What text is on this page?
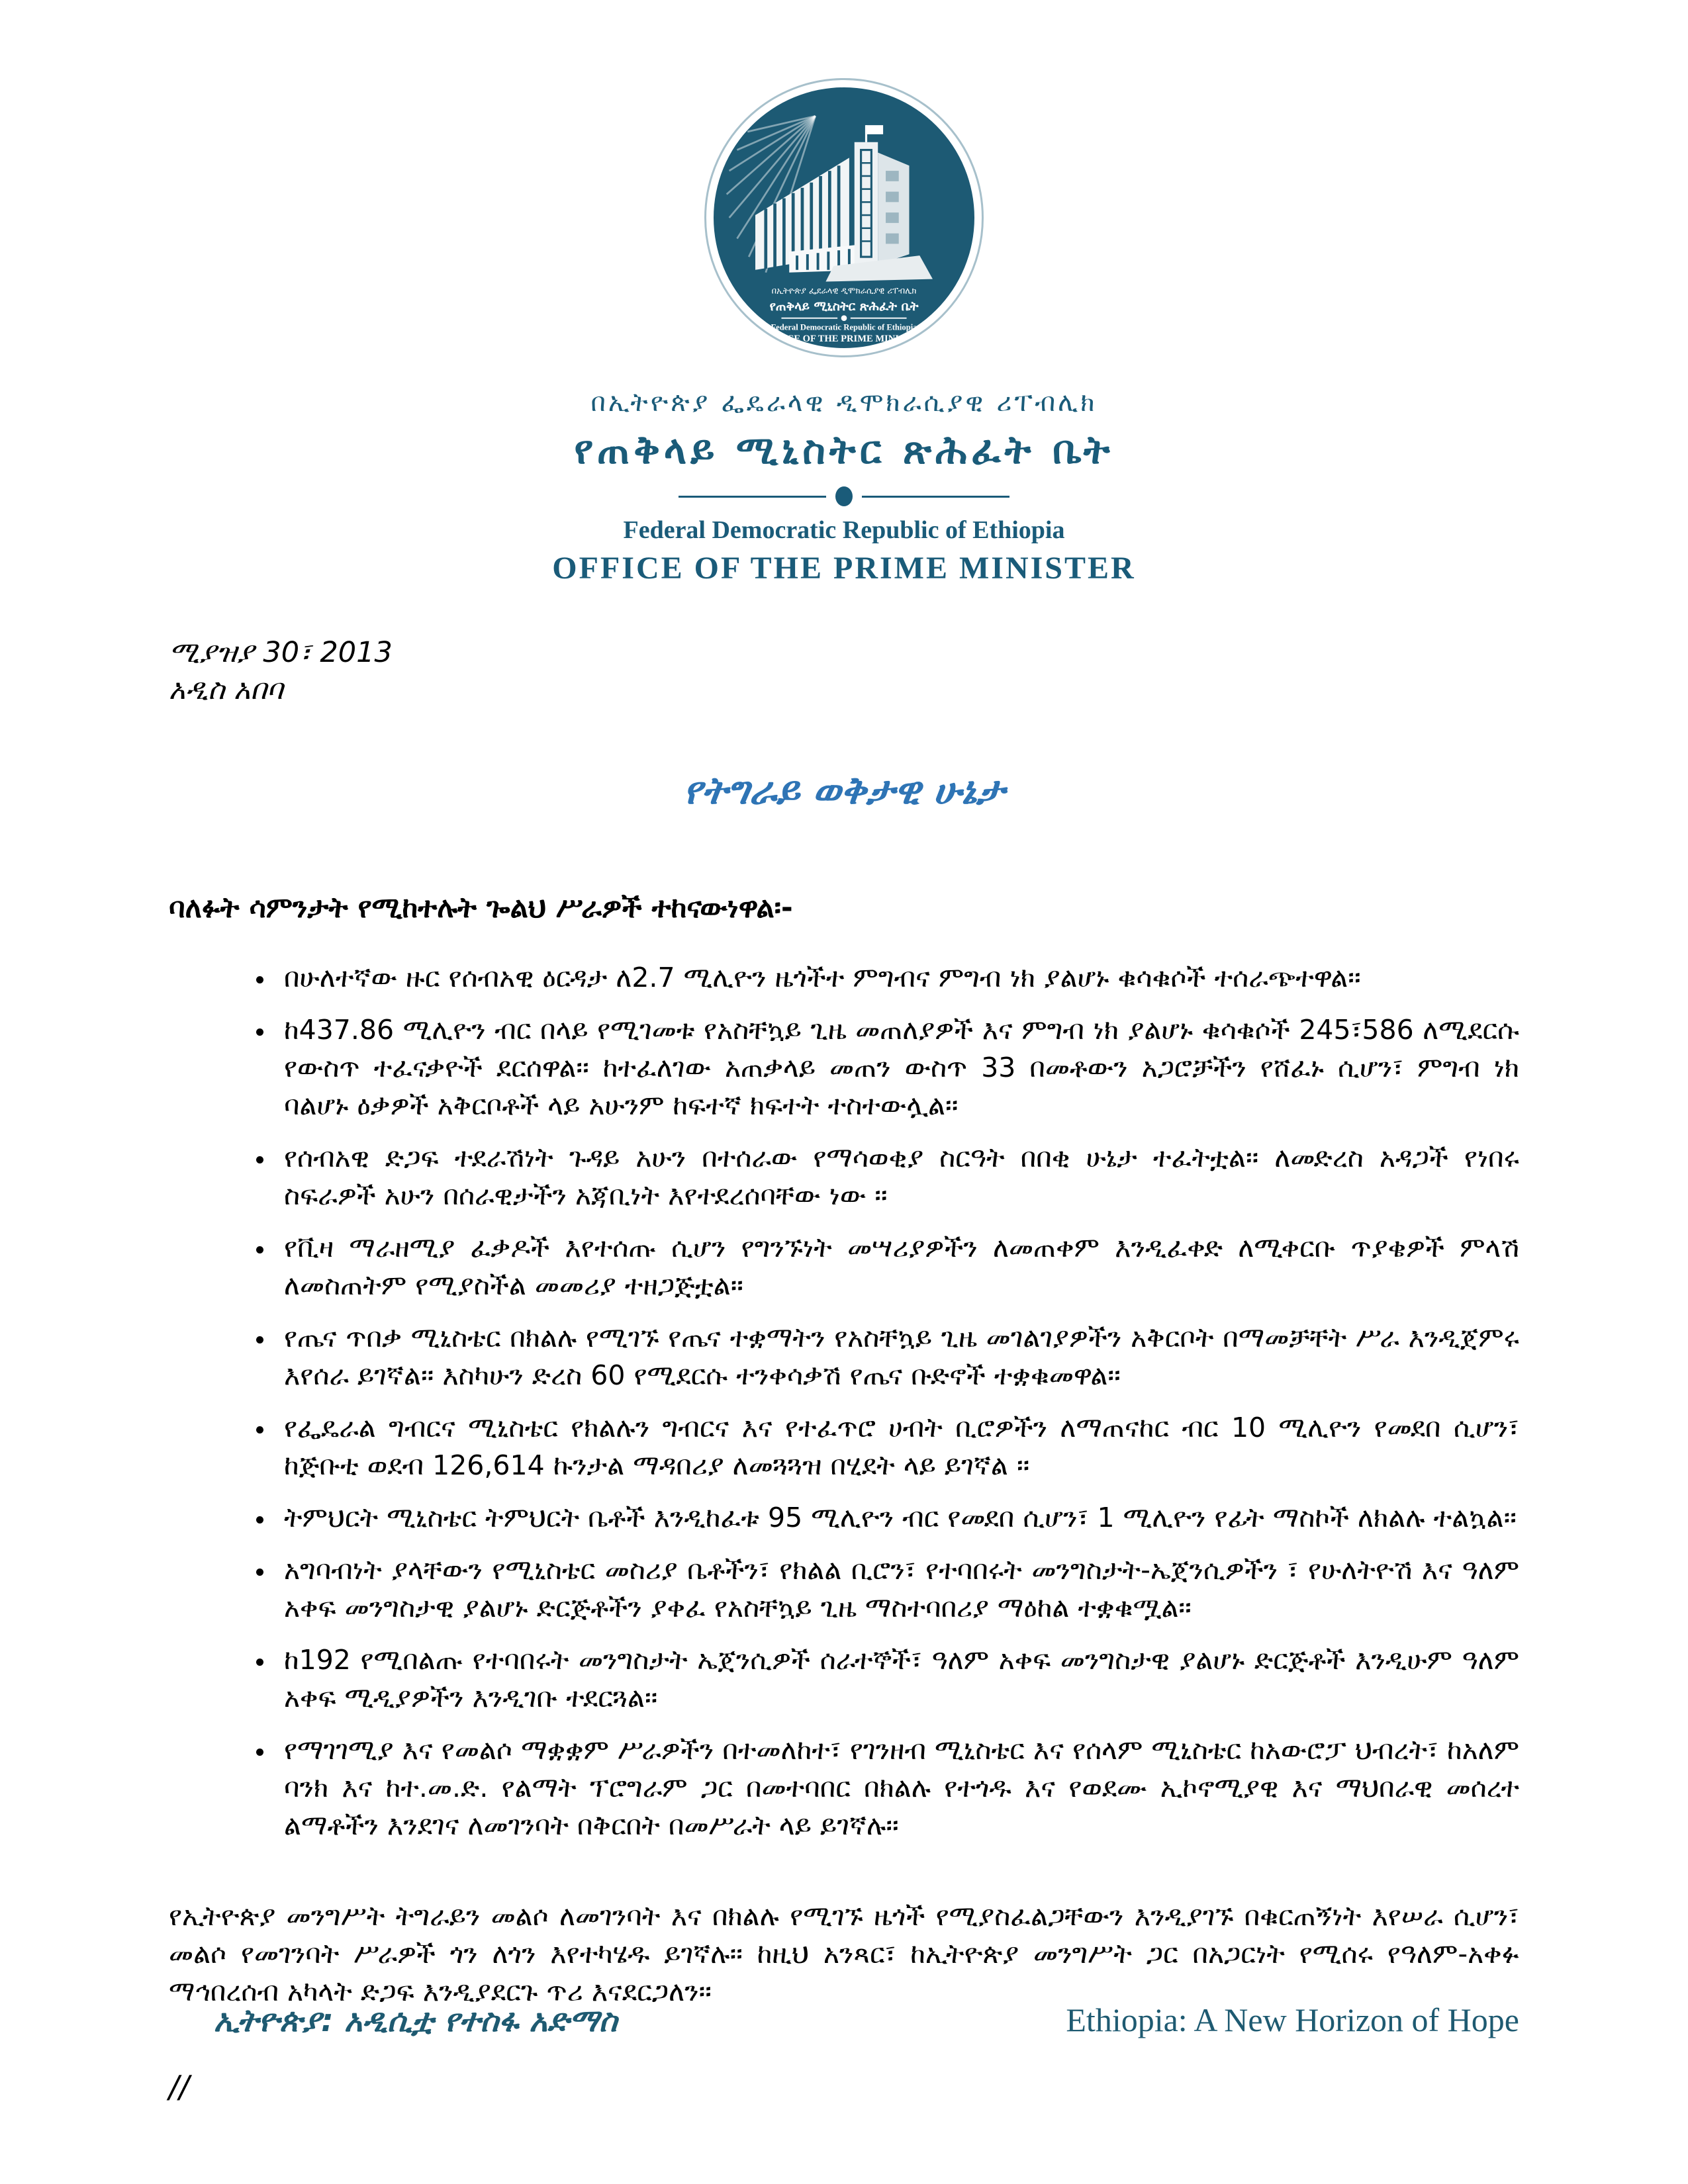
በኢትዮጵያ ፌደራላዊ ዲሞክራሲያዊ ሪፐብሊክ
የጠቅላይ ሚኒስትር ጽሕፈት ቤት
Federal Democratic Republic of Ethiopia
OFFICE OF THE PRIME MINISTER
በኢትዮጵያ ፌዴራላዊ ዲሞክራሲያዊ ሪፐብሊክ
የጠቅላይ ሚኒስትር ጽሕፈት ቤት
Federal Democratic Republic of Ethiopia
OFFICE OF THE PRIME MINISTER
ሚያዝያ 30፣ 2013
አዲስ አበባ
የትግራይ ወቅታዊ ሁኔታ
ባለፉት ሳምንታት የሚከተሉት ጐልህ ሥራዎች ተከናውነዋል፡-
• በሁለተኛው ዙር የሰብአዊ ዕርዳታ ለ2.7 ሚሊዮን ዜጎችተ ምግብና ምግብ ነክ ያልሆኑ ቁሳቁሶች ተሰራጭተዋል፡፡
• ከ437.86 ሚሊዮን ብር በላይ የሚገመቱ የአስቸኳይ ጊዜ መጠለያዎች እና ምግብ ነክ ያልሆኑ ቁሳቁሶች 245፣586 ለሚደርሱ የውስጥ ተፈናቃዮች ደርሰዋል፡፡ ከተፈለገው አጠቃላይ መጠን ውስጥ 33 በመቶውን አጋሮቻችን የሸፈኑ ሲሆን፣ ምግብ ነክ ባልሆኑ ዕቃዎች አቅርቦቶች ላይ አሁንም ከፍተኛ ክፍተት ተስተውሏል፡፡
• የሰብአዊ ድጋፍ ተደራሽነት ጉዳይ አሁን በተሰራው የማሳወቂያ ስርዓት በበቂ ሁኔታ ተፈትቷል፡፡ ለመድረስ አዳጋች የነበሩ ስፍራዎች አሁን በሰራዊታችን አጃቢነት እየተደረሰባቸው ነው ፡፡
• የቪዛ ማራዘሚያ ፈቃዶች እየተሰጡ ሲሆን የግንኙነት መሣሪያዎችን ለመጠቀም እንዲፈቀድ ለሚቀርቡ ጥያቄዎች ምላሽ ለመስጠትም የሚያስችል መመሪያ ተዘጋጅቷል።
• የጤና ጥበቃ ሚኒስቴር በክልሉ የሚገኙ የጤና ተቋማትን የአስቸኳይ ጊዜ መገልገያዎችን አቅርቦት በማመቻቸት ሥራ እንዲጀምሩ እየሰራ ይገኛል፡፡ እስካሁን ድረስ 60 የሚደርሱ ተንቀሳቃሽ የጤና ቡድኖች ተቋቁመዋል፡፡
• የፌዴራል ግብርና ሚኒስቴር የክልሉን ግብርና እና የተፈጥሮ ሀብት ቢሮዎችን ለማጠናከር ብር 10 ሚሊዮን የመደበ ሲሆን፣ ከጅቡቲ ወደብ 126,614 ኩንታል ማዳበሪያ ለመጓጓዝ በሂደት ላይ ይገኛል ፡፡
• ትምህርት ሚኒስቴር ትምህርት ቤቶች እንዲከፈቱ 95 ሚሊዮን ብር የመደበ ሲሆን፣ 1 ሚሊዮን የፊት ማስኮች ለክልሉ ተልኳል፡፡
• አግባብነት ያላቸውን የሚኒስቴር መስሪያ ቤቶችን፣ የክልል ቢሮን፣ የተባበሩት መንግስታት-ኤጀንሲዎችን ፣ የሁለትዮሽ እና ዓለም አቀፍ መንግስታዊ ያልሆኑ ድርጅቶችን ያቀፈ የአስቸኳይ ጊዜ ማስተባበሪያ ማዕከል ተቋቁሟል፡፡
• ከ192 የሚበልጡ የተባበሩት መንግስታት ኤጀንሲዎች ሰራተኞች፣ ዓለም አቀፍ መንግስታዊ ያልሆኑ ድርጅቶች እንዲሁም ዓለም አቀፍ ሚዲያዎችን እንዲገቡ ተደርጓል፡፡
• የማገገሚያ እና የመልሶ ማቋቋም ሥራዎችን በተመለከተ፣ የገንዘብ ሚኒስቴር እና የሰላም ሚኒስቴር ከአውሮፓ ህብረት፣ ከአለም ባንክ እና ከተ.መ.ድ. የልማት ፕሮግራም ጋር በመተባበር በክልሉ የተጎዱ እና የወደሙ ኢኮኖሚያዊ እና ማህበራዊ መሰረተ ልማቶችን እንደገና ለመገንባት በቅርበት በመሥራት ላይ ይገኛሉ፡፡

የኢትዮጵያ መንግሥት ትግራይን መልሶ ለመገንባት እና በክልሉ የሚገኙ ዜጎች የሚያስፈልጋቸውን እንዲያገኙ በቁርጠኝነት እየሠራ ሲሆን፣ መልሶ የመገንባት ሥራዎች ጎን ለጎን እየተካሄዱ ይገኛሉ፡፡ ከዚህ አንጻር፣ ከኢትዮጵያ መንግሥት ጋር በአጋርነት የሚሰሩ የዓለም-አቀፉ ማኅበረሰብ አካላት ድጋፍ እንዲያደርጉ ጥሪ እናደርጋለን፡፡

//
ኢትዮጵያ: አዲሲቷ የተስፋ አድማስ	Ethiopia: A New Horizon of Hope
